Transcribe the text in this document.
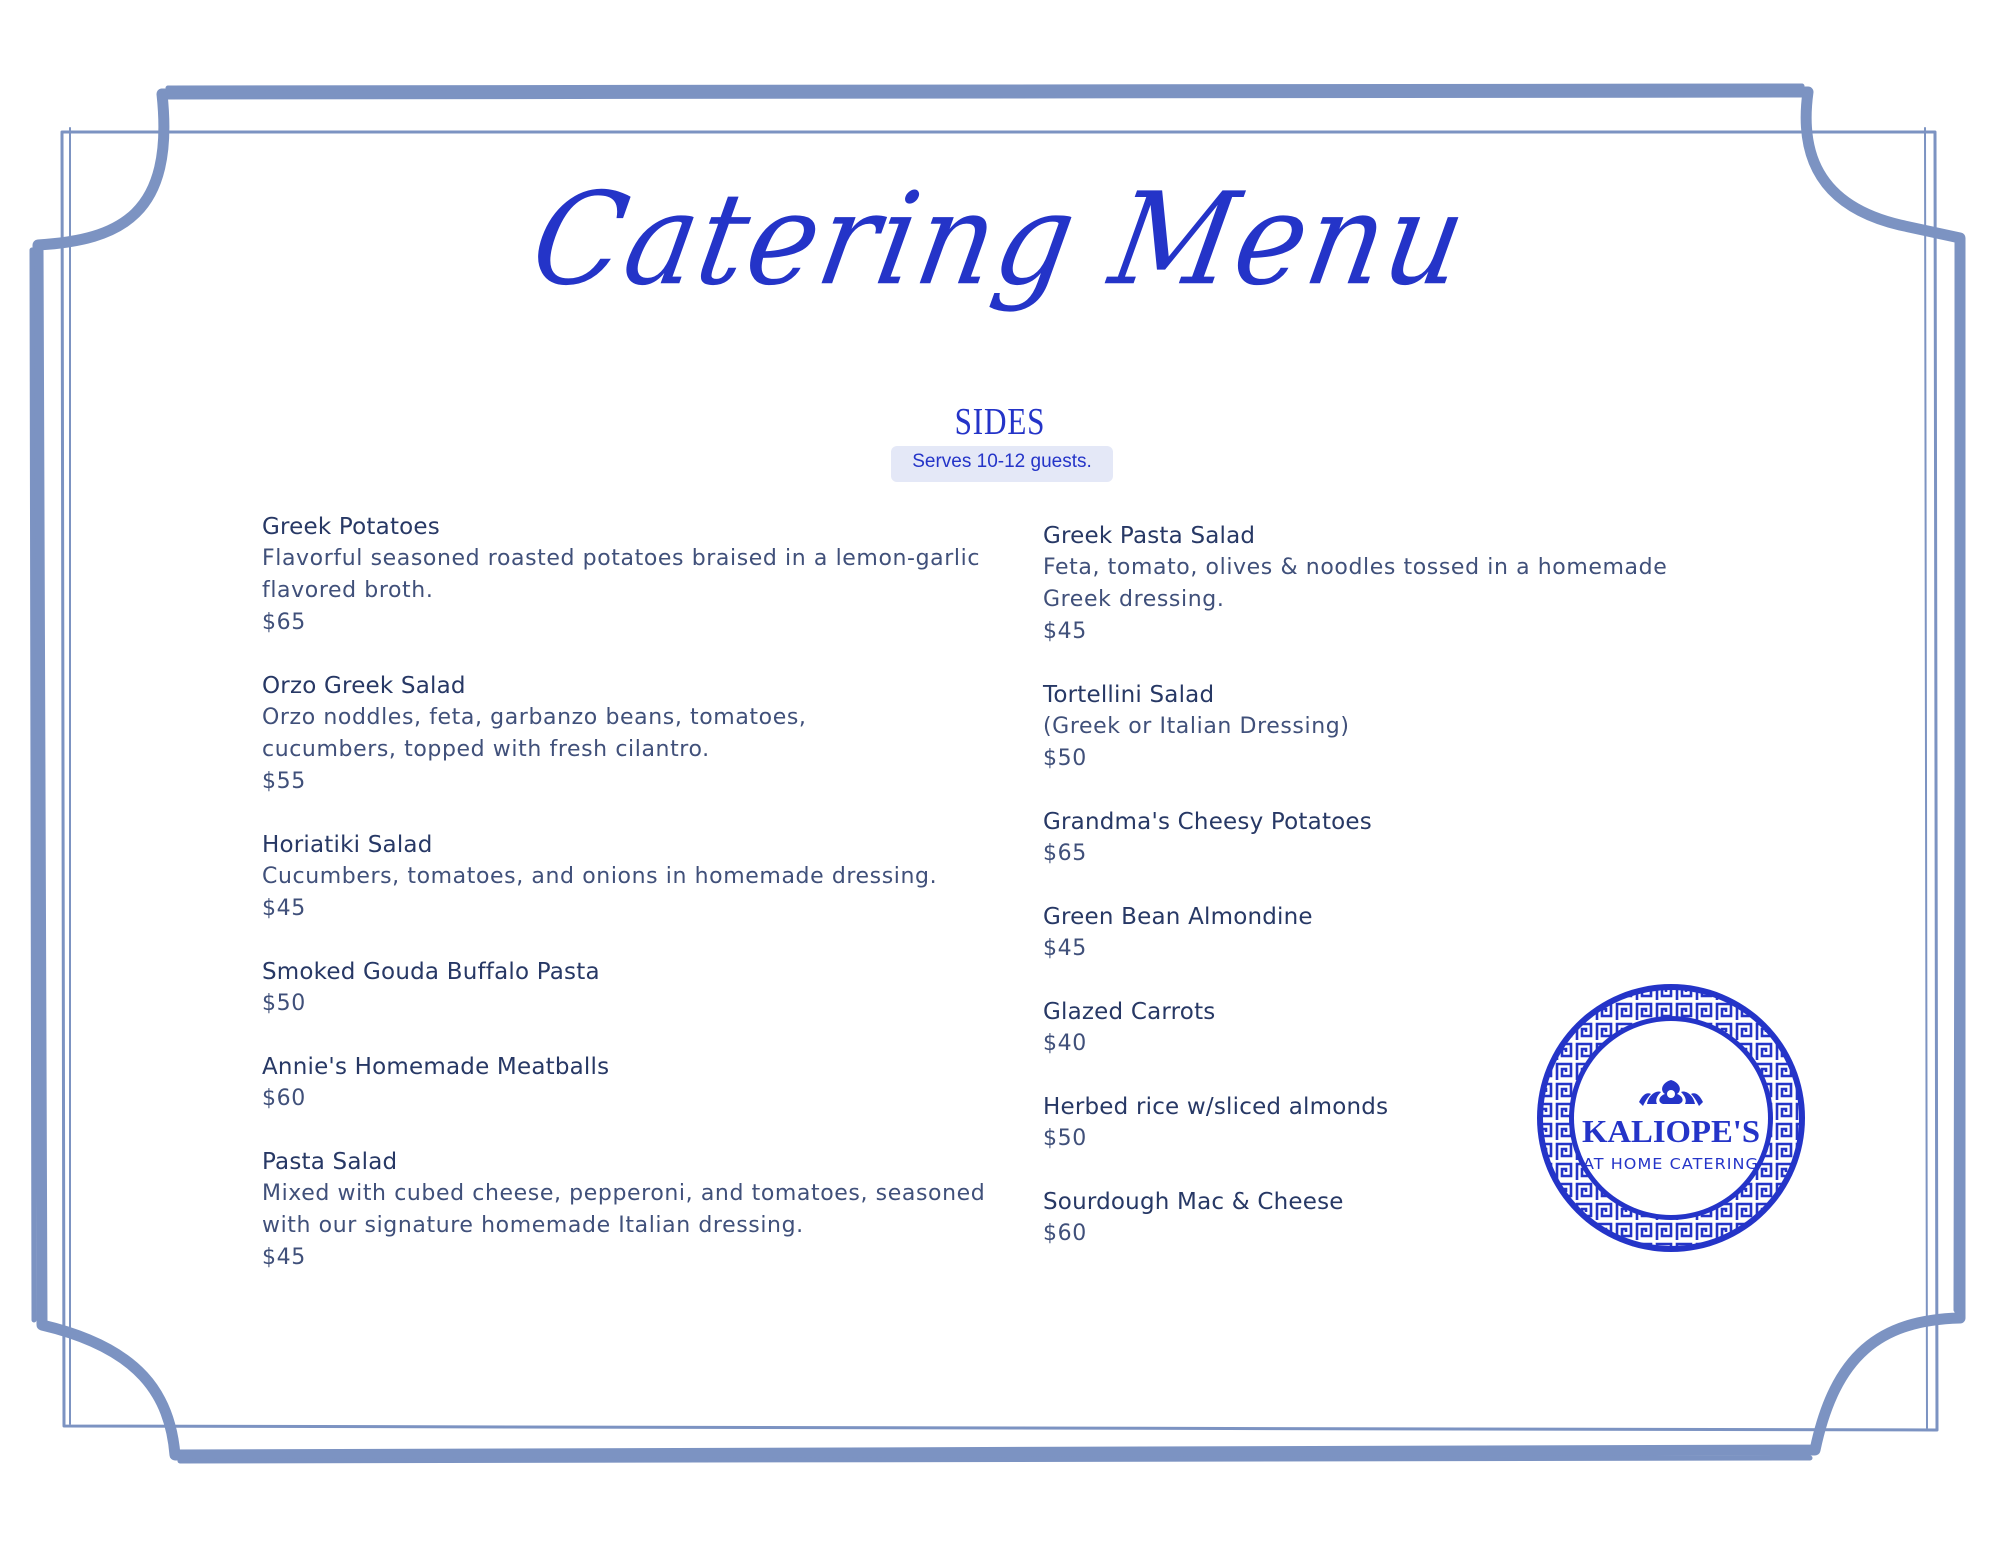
Catering Menu
SIDES
Serves 10-12 guests.
Greek Potatoes
Flavorful seasoned roasted potatoes braised in a lemon-garlic flavored broth.
$65
Orzo Greek Salad
Orzo noddles, feta, garbanzo beans, tomatoes, cucumbers, topped with fresh cilantro.
$55
Horiatiki Salad
Cucumbers, tomatoes, and onions in homemade dressing.
$45
Smoked Gouda Buffalo Pasta
$50
Annie's Homemade Meatballs
$60
Pasta Salad
Mixed with cubed cheese, pepperoni, and tomatoes, seasoned with our signature homemade Italian dressing.
$45
Greek Pasta Salad
Feta, tomato, olives & noodles tossed in a homemade Greek dressing.
$45
Tortellini Salad
(Greek or Italian Dressing)
$50
Grandma's Cheesy Potatoes
$65
Green Bean Almondine
$45
Glazed Carrots
$40
Herbed rice w/sliced almonds
$50
Sourdough Mac & Cheese
$60
KALIOPE'S
AT HOME CATERING
